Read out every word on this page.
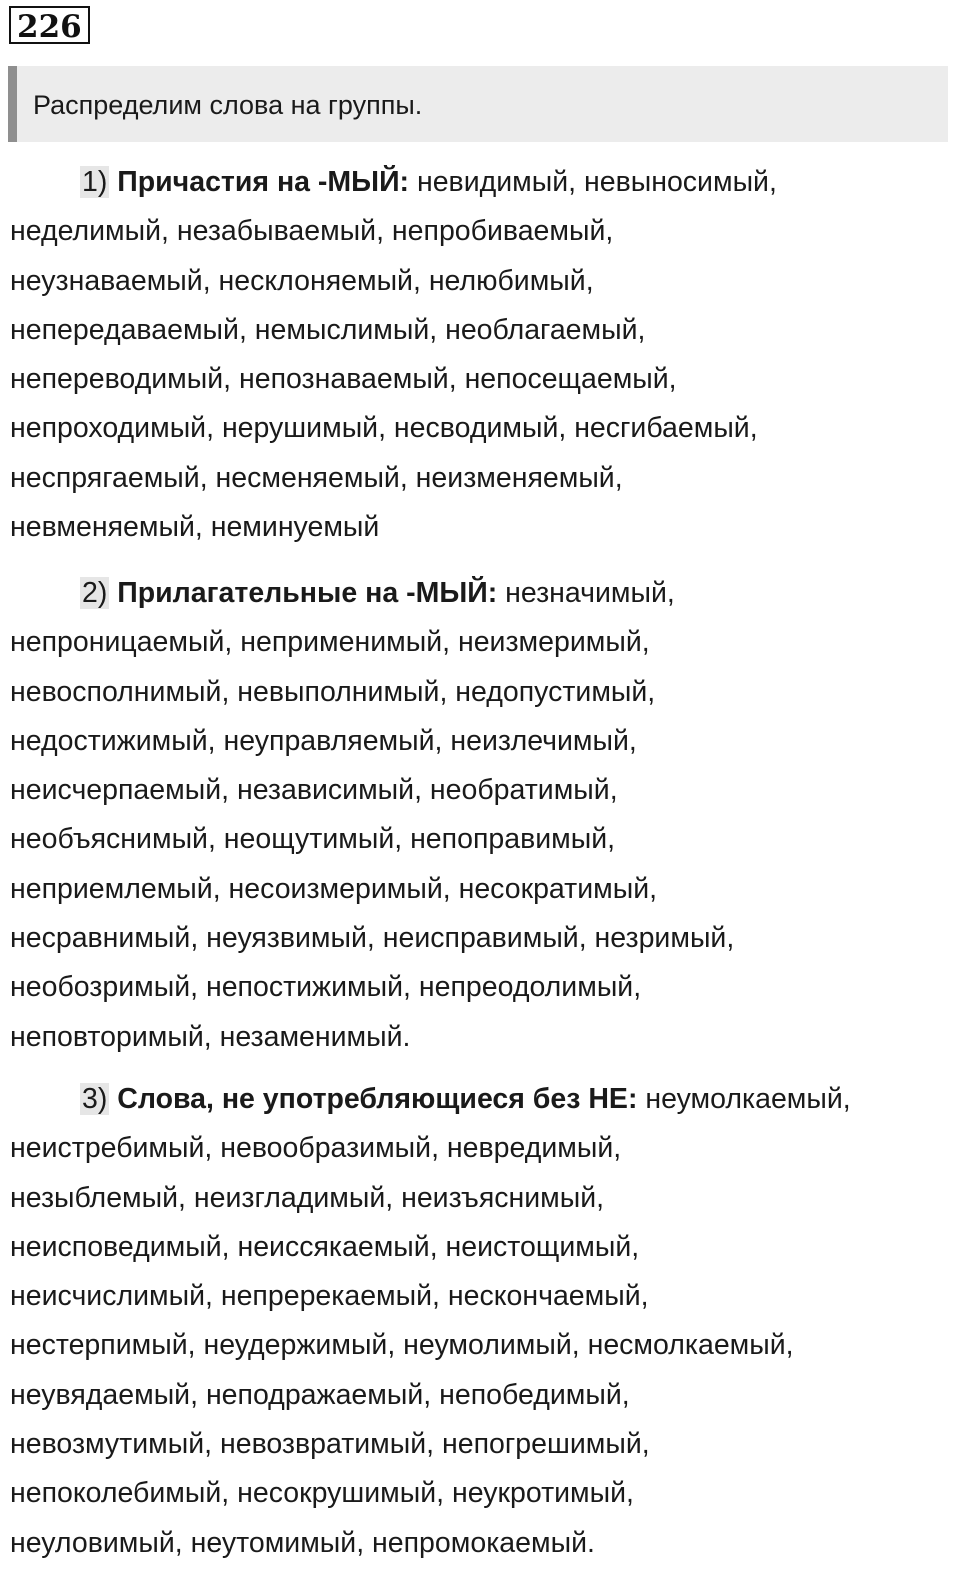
226
Распределим слова на группы.
1) Причастия на -МЫЙ: невидимый, невыносимый,
неделимый, незабываемый, непробиваемый,
неузнаваемый, несклоняемый, нелюбимый,
непередаваемый, немыслимый, необлагаемый,
непереводимый, непознаваемый, непосещаемый,
непроходимый, нерушимый, несводимый, несгибаемый,
неспрягаемый, несменяемый, неизменяемый,
невменяемый, неминуемый
2) Прилагательные на -МЫЙ: незначимый,
непроницаемый, неприменимый, неизмеримый,
невосполнимый, невыполнимый, недопустимый,
недостижимый, неуправляемый, неизлечимый,
неисчерпаемый, независимый, необратимый,
необъяснимый, неощутимый, непоправимый,
неприемлемый, несоизмеримый, несократимый,
несравнимый, неуязвимый, неисправимый, незримый,
необозримый, непостижимый, непреодолимый,
неповторимый, незаменимый.
3) Слова, не употребляющиеся без НЕ: неумолкаемый,
неистребимый, невообразимый, невредимый,
незыблемый, неизгладимый, неизъяснимый,
неисповедимый, неиссякаемый, неистощимый,
неисчислимый, непререкаемый, нескончаемый,
нестерпимый, неудержимый, неумолимый, несмолкаемый,
неувядаемый, неподражаемый, непобедимый,
невозмутимый, невозвратимый, непогрешимый,
непоколебимый, несокрушимый, неукротимый,
неуловимый, неутомимый, непромокаемый.
